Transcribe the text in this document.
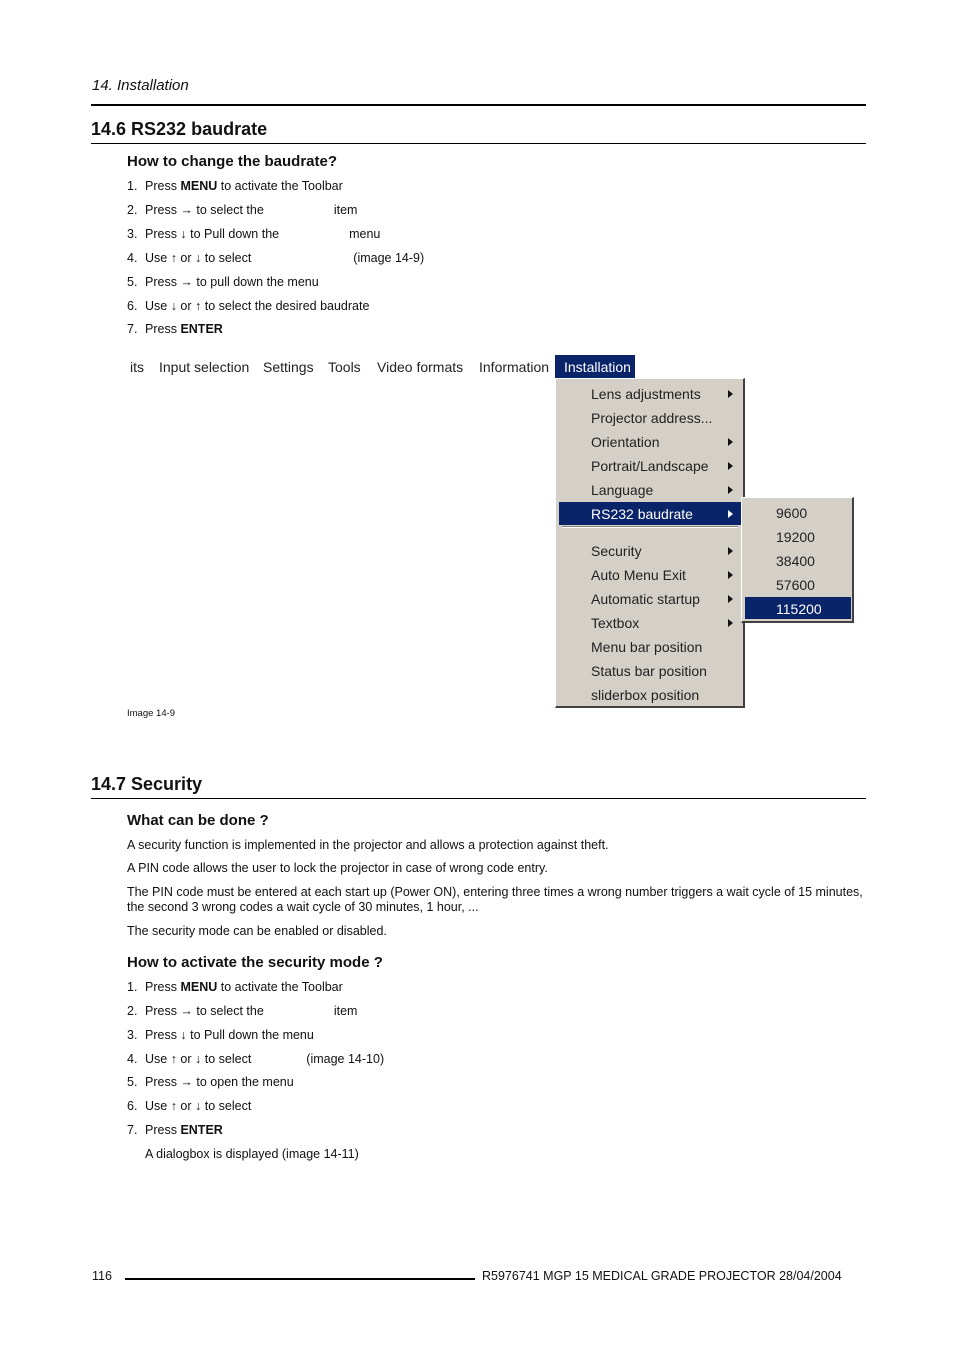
14. Installation
14.6 RS232 baudrate
How to change the baudrate?
1. Press MENU to activate the Toolbar
2. Press → to select the	item
3. Press ↓ to Pull down the	menu
4. Use ↑ or ↓ to select	(image 14-9)
5. Press → to pull down the menu
6. Use ↓ or ↑ to select the desired baudrate
7. Press ENTER
its Input selection Settings Tools Video formats Information	Installation
Lens adjustments
Projector address...
Orientation
Portrait/Landscape
Language
RS232 baudrate
Security
Auto Menu Exit
Automatic startup
Textbox
Menu bar position
Status bar position
sliderbox position
9600
19200
38400
57600
115200
Image 14-9
14.7 Security
What can be done ?
A security function is implemented in the projector and allows a protection against theft.
A PIN code allows the user to lock the projector in case of wrong code entry.
The PIN code must be entered at each start up (Power ON), entering three times a wrong number triggers a wait cycle of 15 minutes, the second 3 wrong codes a wait cycle of 30 minutes, 1 hour, ...
The security mode can be enabled or disabled.
How to activate the security mode ?
1. Press MENU to activate the Toolbar
2. Press → to select the	item
3. Press ↓ to Pull down the menu
4. Use ↑ or ↓ to select	(image 14-10)
5. Press → to open the menu
6. Use ↑ or ↓ to select
7. Press ENTER
A dialogbox is displayed (image 14-11)
116	R5976741 MGP 15 MEDICAL GRADE PROJECTOR 28/04/2004
